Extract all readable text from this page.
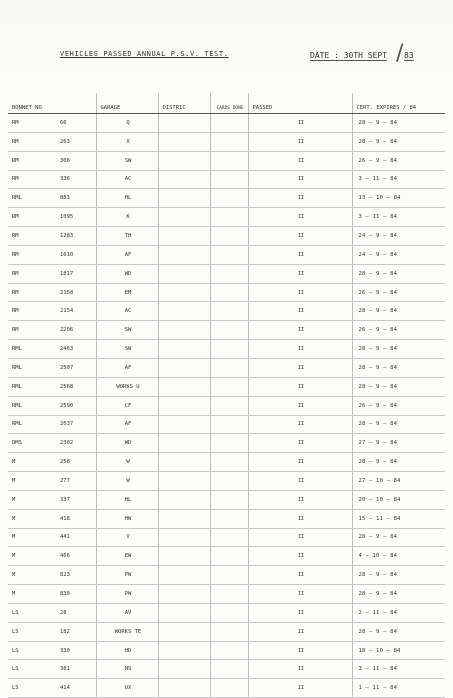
VEHICLES PASSED ANNUAL P.S.V. TEST.	DATE : 30TH SEPT / 83
BONNET NO	GARAGE	DISTRIC	CARDS DONE	PASSED	CERT. EXPIRES / 84
RM 66	Q			II	28 – 9 – 84
RM 263	X			II	28 – 9 – 84
RM 306	SW			II	26 – 9 – 84
RM 336	AC			II	3 – 11 – 84
RML 883	HL			II	13 – 10 – 84
RM 1095	K			II	3 – 11 – 84
RM 1283	TH			II	24 – 9 – 84
RM 1610	AF			II	24 – 9 – 84
RM 1817	WD			II	28 – 9 – 84
RM 2158	EM			II	26 – 9 – 84
RM 2154	AC			II	28 – 9 – 84
RM 2206	SW			II	26 – 9 – 84
RML 2463	SW			II	28 – 9 – 84
RML 2507	AF			II	28 – 9 – 84
RML 2568	WORKS U			II	28 – 9 – 84
RML 2590	CF			II	26 – 9 – 84
RML 2637	AF			II	28 – 9 – 84
DMS 2302	WD			II	27 – 9 – 84
M 258	W			II	28 – 9 – 84
M 277	W			II	27 – 10 – 84
M 337	HL			II	20 – 10 – 84
M 418	HW			II	15 – 11 – 84
M 441	V			II	28 – 9 – 84
M 466	EW			II	4 – 10 – 84
M 823	PW			II	28 – 9 – 84
M 830	PW			II	28 – 9 – 84
LS 28	AV			II	2 – 11 – 84
LS 182	WORKS TE			II	28 – 9 – 84
LS 330	HD			II	18 – 10 – 84
LS 381	NS			II	3 – 11 – 84
LS 414	UX			II	1 – 11 – 84
